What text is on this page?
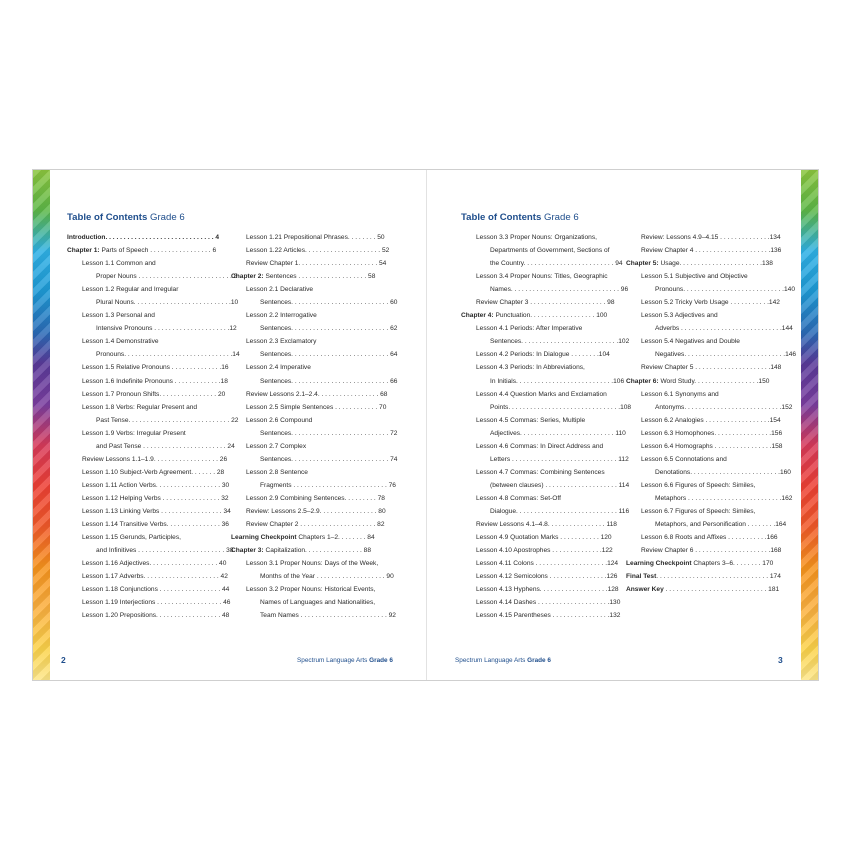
Table of Contents Grade 6
Introduction. . . . . . . . . . . . . . . . . . . . . . . . . . . . . . 4
Chapter 1: Parts of Speech . . . . . . . . . . . . . . . . . 6
Lesson 1.1 Common and
Proper Nouns . . . . . . . . . . . . . . . . . . . . . . . . . . 8
Lesson 1.2 Regular and Irregular
Plural Nouns. . . . . . . . . . . . . . . . . . . . . . . . . . .10
Lesson 1.3 Personal and
Intensive Pronouns . . . . . . . . . . . . . . . . . . . . .12
Lesson 1.4 Demonstrative
Pronouns. . . . . . . . . . . . . . . . . . . . . . . . . . . . . .14
Lesson 1.5 Relative Pronouns . . . . . . . . . . . . . .16
Lesson 1.6 Indefinite Pronouns . . . . . . . . . . . . .18
Lesson 1.7 Pronoun Shifts. . . . . . . . . . . . . . . . 20
Lesson 1.8 Verbs: Regular Present and
Past Tense. . . . . . . . . . . . . . . . . . . . . . . . . . . . 22
Lesson 1.9 Verbs: Irregular Present
and Past Tense . . . . . . . . . . . . . . . . . . . . . . . 24
Review Lessons 1.1–1.9. . . . . . . . . . . . . . . . . . 26
Lesson 1.10 Subject-Verb Agreement. . . . . . . 28
Lesson 1.11 Action Verbs. . . . . . . . . . . . . . . . . . 30
Lesson 1.12 Helping Verbs . . . . . . . . . . . . . . . . 32
Lesson 1.13 Linking Verbs . . . . . . . . . . . . . . . . . 34
Lesson 1.14 Transitive Verbs. . . . . . . . . . . . . . . 36
Lesson 1.15 Gerunds, Participles,
and Infinitives . . . . . . . . . . . . . . . . . . . . . . . . 38
Lesson 1.16 Adjectives. . . . . . . . . . . . . . . . . . . 40
Lesson 1.17 Adverbs. . . . . . . . . . . . . . . . . . . . . 42
Lesson 1.18 Conjunctions . . . . . . . . . . . . . . . . . 44
Lesson 1.19 Interjections . . . . . . . . . . . . . . . . . . 46
Lesson 1.20 Prepositions. . . . . . . . . . . . . . . . . . 48
Lesson 1.21 Prepositional Phrases. . . . . . . . 50
Lesson 1.22 Articles. . . . . . . . . . . . . . . . . . . . . 52
Review Chapter 1. . . . . . . . . . . . . . . . . . . . . . 54
Chapter 2: Sentences . . . . . . . . . . . . . . . . . . . 58
Lesson 2.1 Declarative
Sentences. . . . . . . . . . . . . . . . . . . . . . . . . . . 60
Lesson 2.2 Interrogative
Sentences. . . . . . . . . . . . . . . . . . . . . . . . . . . 62
Lesson 2.3 Exclamatory
Sentences. . . . . . . . . . . . . . . . . . . . . . . . . . . 64
Lesson 2.4 Imperative
Sentences. . . . . . . . . . . . . . . . . . . . . . . . . . . 66
Review Lessons 2.1–2.4. . . . . . . . . . . . . . . . . 68
Lesson 2.5 Simple Sentences . . . . . . . . . . . . 70
Lesson 2.6 Compound
Sentences. . . . . . . . . . . . . . . . . . . . . . . . . . . 72
Lesson 2.7 Complex
Sentences. . . . . . . . . . . . . . . . . . . . . . . . . . . 74
Lesson 2.8 Sentence
Fragments . . . . . . . . . . . . . . . . . . . . . . . . . . 76
Lesson 2.9 Combining Sentences. . . . . . . . . 78
Review: Lessons 2.5–2.9. . . . . . . . . . . . . . . . 80
Review Chapter 2 . . . . . . . . . . . . . . . . . . . . . 82
Learning Checkpoint Chapters 1–2. . . . . . . . 84
Chapter 3: Capitalization. . . . . . . . . . . . . . . . 88
Lesson 3.1 Proper Nouns: Days of the Week,
Months of the Year . . . . . . . . . . . . . . . . . . . 90
Lesson 3.2 Proper Nouns: Historical Events,
Names of Languages and Nationalities,
Team Names . . . . . . . . . . . . . . . . . . . . . . . . 92
2	Spectrum Language Arts Grade 6
Table of Contents Grade 6
Lesson 3.3 Proper Nouns: Organizations,
Departments of Government, Sections of
the Country. . . . . . . . . . . . . . . . . . . . . . . . . 94
Lesson 3.4 Proper Nouns: Titles, Geographic
Names. . . . . . . . . . . . . . . . . . . . . . . . . . . . . . 96
Review Chapter 3 . . . . . . . . . . . . . . . . . . . . . 98
Chapter 4: Punctuation. . . . . . . . . . . . . . . . . . 100
Lesson 4.1 Periods: After Imperative
Sentences. . . . . . . . . . . . . . . . . . . . . . . . . . .102
Lesson 4.2 Periods: In Dialogue . . . . . . . .104
Lesson 4.3 Periods: In Abbreviations,
In Initials. . . . . . . . . . . . . . . . . . . . . . . . . . .106
Lesson 4.4 Question Marks and Exclamation
Points. . . . . . . . . . . . . . . . . . . . . . . . . . . . . . .108
Lesson 4.5 Commas: Series, Multiple
Adjectives. . . . . . . . . . . . . . . . . . . . . . . . . . 110
Lesson 4.6 Commas: In Direct Address and
Letters . . . . . . . . . . . . . . . . . . . . . . . . . . . . . 112
Lesson 4.7 Commas: Combining Sentences
(between clauses) . . . . . . . . . . . . . . . . . . . . 114
Lesson 4.8 Commas: Set-Off
Dialogue. . . . . . . . . . . . . . . . . . . . . . . . . . . . 116
Review Lessons 4.1–4.8. . . . . . . . . . . . . . . . 118
Lesson 4.9 Quotation Marks . . . . . . . . . . . 120
Lesson 4.10 Apostrophes . . . . . . . . . . . . . .122
Lesson 4.11 Colons . . . . . . . . . . . . . . . . . . . .124
Lesson 4.12 Semicolons . . . . . . . . . . . . . . . .126
Lesson 4.13 Hyphens. . . . . . . . . . . . . . . . . . .128
Lesson 4.14 Dashes . . . . . . . . . . . . . . . . . . . .130
Lesson 4.15 Parentheses . . . . . . . . . . . . . . . .132
Review: Lessons 4.9–4.15 . . . . . . . . . . . . . .134
Review Chapter 4 . . . . . . . . . . . . . . . . . . . . .136
Chapter 5: Usage. . . . . . . . . . . . . . . . . . . . . . .138
Lesson 5.1 Subjective and Objective
Pronouns. . . . . . . . . . . . . . . . . . . . . . . . . . . .140
Lesson 5.2 Tricky Verb Usage . . . . . . . . . . .142
Lesson 5.3 Adjectives and
Adverbs . . . . . . . . . . . . . . . . . . . . . . . . . . . .144
Lesson 5.4 Negatives and Double
Negatives. . . . . . . . . . . . . . . . . . . . . . . . . . . .146
Review Chapter 5 . . . . . . . . . . . . . . . . . . . . .148
Chapter 6: Word Study. . . . . . . . . . . . . . . . . .150
Lesson 6.1 Synonyms and
Antonyms. . . . . . . . . . . . . . . . . . . . . . . . . . .152
Lesson 6.2 Analogies . . . . . . . . . . . . . . . . . .154
Lesson 6.3 Homophones. . . . . . . . . . . . . . . .156
Lesson 6.4 Homographs . . . . . . . . . . . . . . . .158
Lesson 6.5 Connotations and
Denotations. . . . . . . . . . . . . . . . . . . . . . . . .160
Lesson 6.6 Figures of Speech: Similes,
Metaphors . . . . . . . . . . . . . . . . . . . . . . . . . .162
Lesson 6.7 Figures of Speech: Similes,
Metaphors, and Personification . . . . . . . .164
Lesson 6.8 Roots and Affixes . . . . . . . . . . .166
Review Chapter 6 . . . . . . . . . . . . . . . . . . . . .168
Learning Checkpoint Chapters 3–6. . . . . . . . 170
Final Test. . . . . . . . . . . . . . . . . . . . . . . . . . . . . . . 174
Answer Key . . . . . . . . . . . . . . . . . . . . . . . . . . . . 181
Spectrum Language Arts Grade 6	3
